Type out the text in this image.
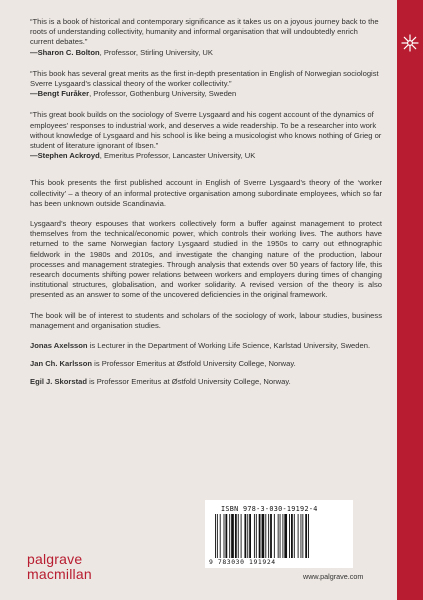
“This is a book of historical and contemporary significance as it takes us on a joyous journey back to the roots of understanding collectivity, humanity and informal organisation that will undoubtedly enrich current debates.”

—Sharon C. Bolton, Professor, Stirling University, UK

“This book has several great merits as the first in-depth presentation in English of Norwegian sociologist Sverre Lysgaard’s classical theory of the worker collectivity.”

—Bengt Furåker, Professor, Gothenburg University, Sweden

“This great book builds on the sociology of Sverre Lysgaard and his cogent account of the dynamics of employees’ responses to industrial work, and deserves a wide readership. To be a researcher into work without knowledge of Lysgaard and his school is like being a musicologist who knows nothing of Grieg or student of literature ignorant of Ibsen.”

—Stephen Ackroyd, Emeritus Professor, Lancaster University, UK

This book presents the first published account in English of Sverre Lysgaard’s theory of the ‘worker collectivity’ – a theory of an informal protective organisation among subordinate employees, which so far has been unknown outside Scandinavia.

Lysgaard’s theory espouses that workers collectively form a buffer against management to protect themselves from the technical/economic power, which controls their working lives. The authors have returned to the same Norwegian factory Lysgaard studied in the 1950s to carry out ethnographic fieldwork in the 1980s and 2010s, and investigate the changing nature of the production, labour processes and management strategies. Through analysis that extends over 50 years of factory life, this research documents shifting power relations between workers and employers during times of changing institutional structures, globalisation, and worker solidarity. A revised version of the theory is also presented as an answer to some of the uncovered deficiencies in the original framework.

The book will be of interest to students and scholars of the sociology of work, labour studies, business management and organisation studies.

Jonas Axelsson is Lecturer in the Department of Working Life Science, Karlstad University, Sweden.

Jan Ch. Karlsson is Professor Emeritus at Østfold University College, Norway.

Egil J. Skorstad is Professor Emeritus at Østfold University College, Norway.

palgrave
macmillan
ISBN 978-3-030-19192-4
9 783030 191924
www.palgrave.com
